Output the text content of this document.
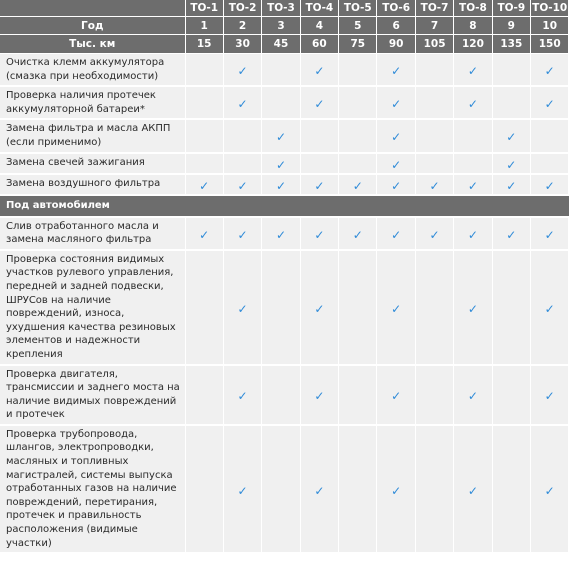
	ТО-1	ТО-2	ТО-3	ТО-4	ТО-5	ТО-6	ТО-7	ТО-8	ТО-9	ТО-10
Год	1	2	3	4	5	6	7	8	9	10
Тыс. км	15	30	45	60	75	90	105	120	135	150
Очистка клемм аккумулятора (смазка при необходимости)		✓		✓		✓		✓		✓
Проверка наличия протечек аккумуляторной батареи*		✓		✓		✓		✓		✓
Замена фильтра и масла АКПП (если применимо)			✓			✓			✓	
Замена свечей зажигания			✓			✓			✓	
Замена воздушного фильтра	✓	✓	✓	✓	✓	✓	✓	✓	✓	✓
Под автомобилем										
Слив отработанного масла и замена масляного фильтра	✓	✓	✓	✓	✓	✓	✓	✓	✓	✓
Проверка состояния видимых участков рулевого управления, передней и задней подвески, ШРУСов на наличие повреждений, износа, ухудшения качества резиновых элементов и надежности крепления		✓		✓		✓		✓		✓
Проверка двигателя, трансмиссии и заднего моста на наличие видимых повреждений и протечек		✓		✓		✓		✓		✓
Проверка трубопровода, шлангов, электропроводки, масляных и топливных магистралей, системы выпуска отработанных газов на наличие повреждений, перетирания, протечек и правильность расположения (видимые участки)		✓		✓		✓		✓		✓
